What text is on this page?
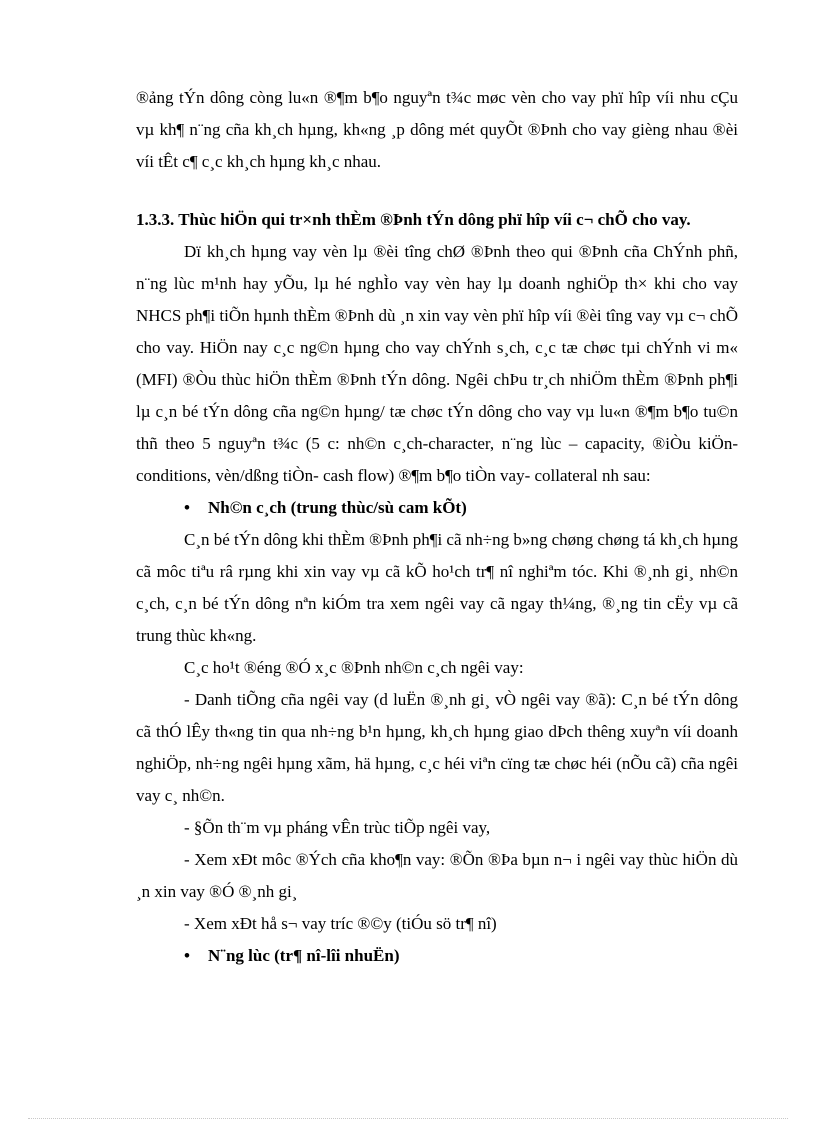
®ảng tÝn dông còng lu«n ®¶m b¶o nguyªn t¾c møc vèn cho vay phï hîp víi nhu cÇu vµ kh¶ n¨ng cña kh¸ch hµng, kh«ng ¸p dông mét quyÕt ®Þnh cho vay gièng nhau ®èi víi tÊt c¶ c¸c kh¸ch hµng kh¸c nhau.

1.3.3. Thùc hiÖn qui tr×nh thÈm ®Þnh tÝn dông phï hîp víi c¬ chÕ cho vay.

Dï kh¸ch hµng vay vèn lµ ®èi tîng chØ ®Þnh theo qui ®Þnh cña ChÝnh phñ, n¨ng lùc m¹nh hay yÕu, lµ hé nghÌo vay vèn hay lµ doanh nghiÖp th× khi cho vay NHCS ph¶i tiÕn hµnh thÈm ®Þnh dù ¸n xin vay vèn phï hîp víi ®èi tîng vay vµ c¬ chÕ cho vay. HiÖn nay c¸c ng©n hµng cho vay chÝnh s¸ch, c¸c tæ chøc tµi chÝnh vi m« (MFI) ®Òu thùc hiÖn thÈm ®Þnh tÝn dông. Ngêi chÞu tr¸ch nhiÖm thÈm ®Þnh ph¶i lµ c¸n bé tÝn dông cña ng©n hµng/ tæ chøc tÝn dông cho vay vµ lu«n ®¶m b¶o tu©n thñ theo 5 nguyªn t¾c (5 c: nh©n c¸ch-character, n¨ng lùc – capacity, ®iÒu kiÖn-conditions, vèn/dßng tiÒn- cash flow) ®¶m b¶o tiÒn vay- collateral nh sau:

•	Nh©n c¸ch (trung thùc/sù cam kÕt)

C¸n bé tÝn dông khi thÈm ®Þnh ph¶i cã nh÷ng b»ng chøng chøng tá kh¸ch hµng cã môc tiªu râ rµng khi xin vay vµ cã kÕ ho¹ch tr¶ nî nghiªm tóc. Khi ®¸nh gi¸ nh©n c¸ch, c¸n bé tÝn dông nªn kiÓm tra xem ngêi vay cã ngay th¼ng, ®¸ng tin cËy vµ cã trung thùc kh«ng.

C¸c ho¹t ®éng ®Ó x¸c ®Þnh nh©n c¸ch ngêi vay:

- Danh tiÕng cña ngêi vay (d luËn ®¸nh gi¸ vÒ ngêi vay ®ã): C¸n bé tÝn dông cã thÓ lÊy th«ng tin qua nh÷ng b¹n hµng, kh¸ch hµng giao dÞch thêng xuyªn víi doanh nghiÖp, nh÷ng ngêi hµng xãm, hä hµng, c¸c héi viªn cïng tæ chøc héi (nÕu cã) cña ngêi vay c¸ nh©n.

- §Õn th¨m vµ pháng vÊn trùc tiÕp ngêi vay,

- Xem xÐt môc ®Ých cña kho¶n vay: ®Õn ®Þa bµn n¬ i ngêi vay thùc hiÖn dù ¸n xin vay ®Ó ®¸nh gi¸

- Xem xÐt hå s¬ vay tríc ®©y (tiÓu sö tr¶ nî)

•	N¨ng lùc (tr¶ nî-lîi nhuËn)
